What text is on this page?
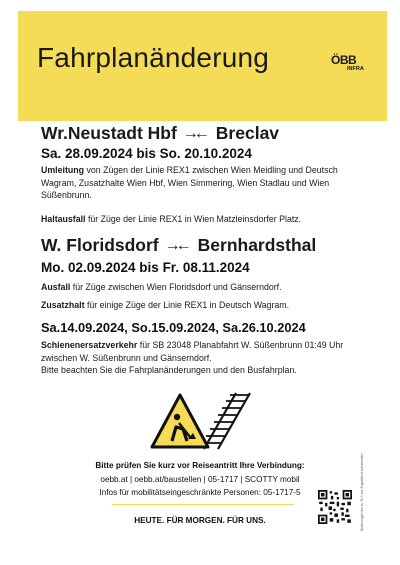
Fahrplanänderung	ÖBB
INFRA
Wr.Neustadt Hbf →← Breclav
Sa. 28.09.2024 bis So. 20.10.2024
Umleitung von Zügen der Linie REX1 zwischen Wien Meidling und Deutsch Wagram, Zusatzhalte Wien Hbf, Wien Simmering, Wien Stadlau und Wien Süßenbrunn.
Haltausfall für Züge der Linie REX1 in Wien Matzleinsdorfer Platz.
W. Floridsdorf →← Bernhardsthal
Mo. 02.09.2024 bis Fr. 08.11.2024
Ausfall für Züge zwischen Wien Floridsdorf und Gänserndorf.
Zusatzhalt für einige Züge der Linie REX1 in Deutsch Wagram.
Sa.14.09.2024, So.15.09.2024, Sa.26.10.2024
Schienenersatzverkehr für SB 23048 Planabfahrt W. Süßenbrunn 01:49 Uhr zwischen W. Süßenbrunn und Gänserndorf.
Bitte beachten Sie die Fahrplanänderungen und den Busfahrplan.
Bitte prüfen Sie kurz vor Reiseantritt Ihre Verbindung:
oebb.at | oebb.at/baustellen | 05-1717 | SCOTTY mobil
Infos für mobilitätseingeschränkte Personen: 05-1717-5
HEUTE. FÜR MORGEN. FÜR UNS.	Änderungen bis zu 72 h vor Zugabfahrt vorbehalten
